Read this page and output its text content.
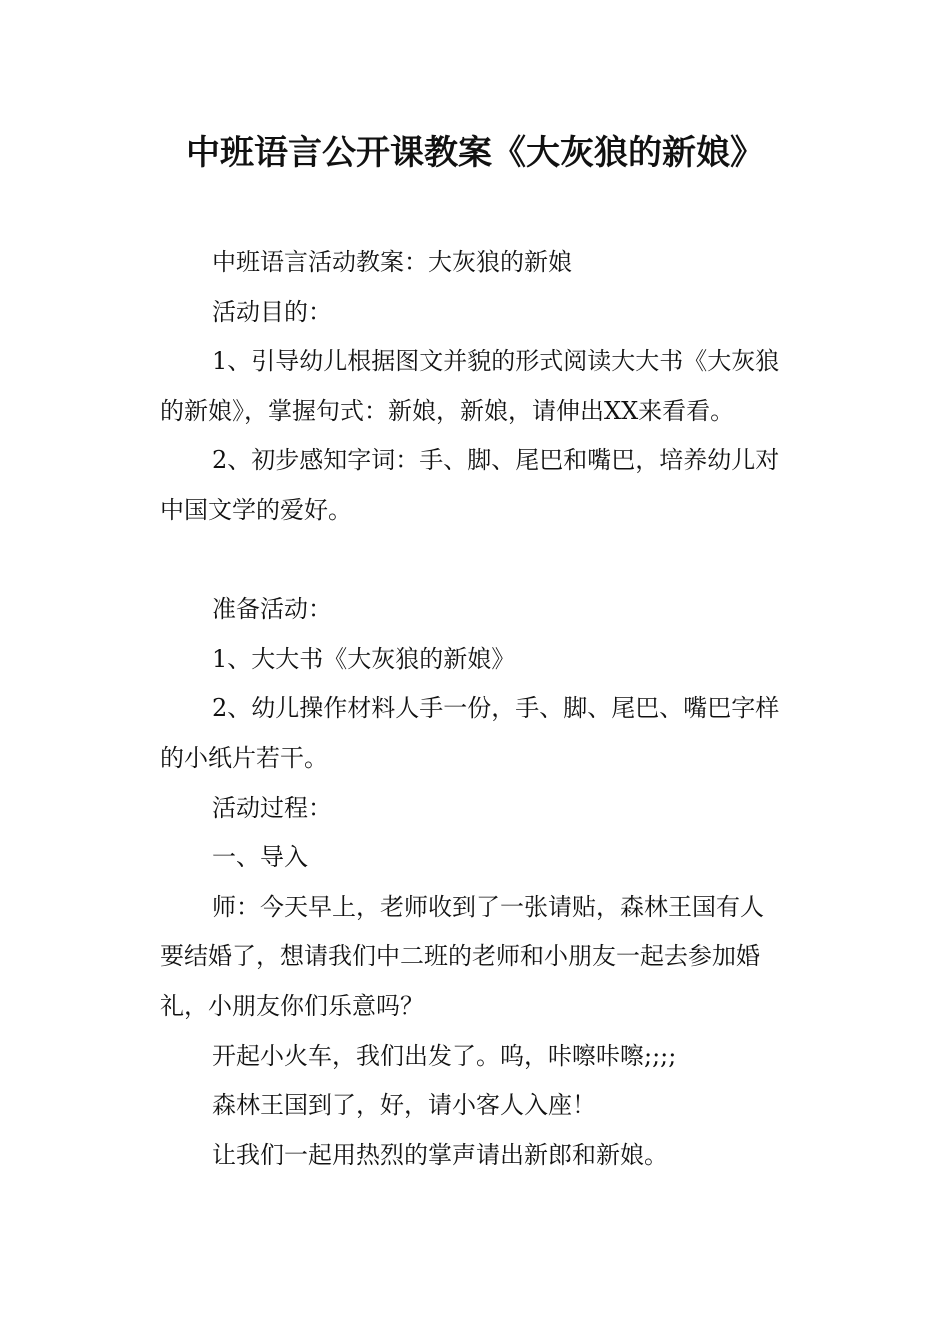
中班语言公开课教案《大灰狼的新娘》

中班语言活动教案：大灰狼的新娘

活动目的：

1、引导幼儿根据图文并貌的形式阅读大大书《大灰狼的新娘》，掌握句式：新娘，新娘，请伸出XX来看看。

2、初步感知字词：手、脚、尾巴和嘴巴，培养幼儿对中国文学的爱好。

准备活动：

1、大大书《大灰狼的新娘》

2、幼儿操作材料人手一份，手、脚、尾巴、嘴巴字样的小纸片若干。

活动过程：

一、导入

师：今天早上，老师收到了一张请贴，森林王国有人要结婚了，想请我们中二班的老师和小朋友一起去参加婚礼，小朋友你们乐意吗？

开起小火车，我们出发了。呜，咔嚓咔嚓;;;;

森林王国到了，好，请小客人入座！

让我们一起用热烈的掌声请出新郎和新娘。
